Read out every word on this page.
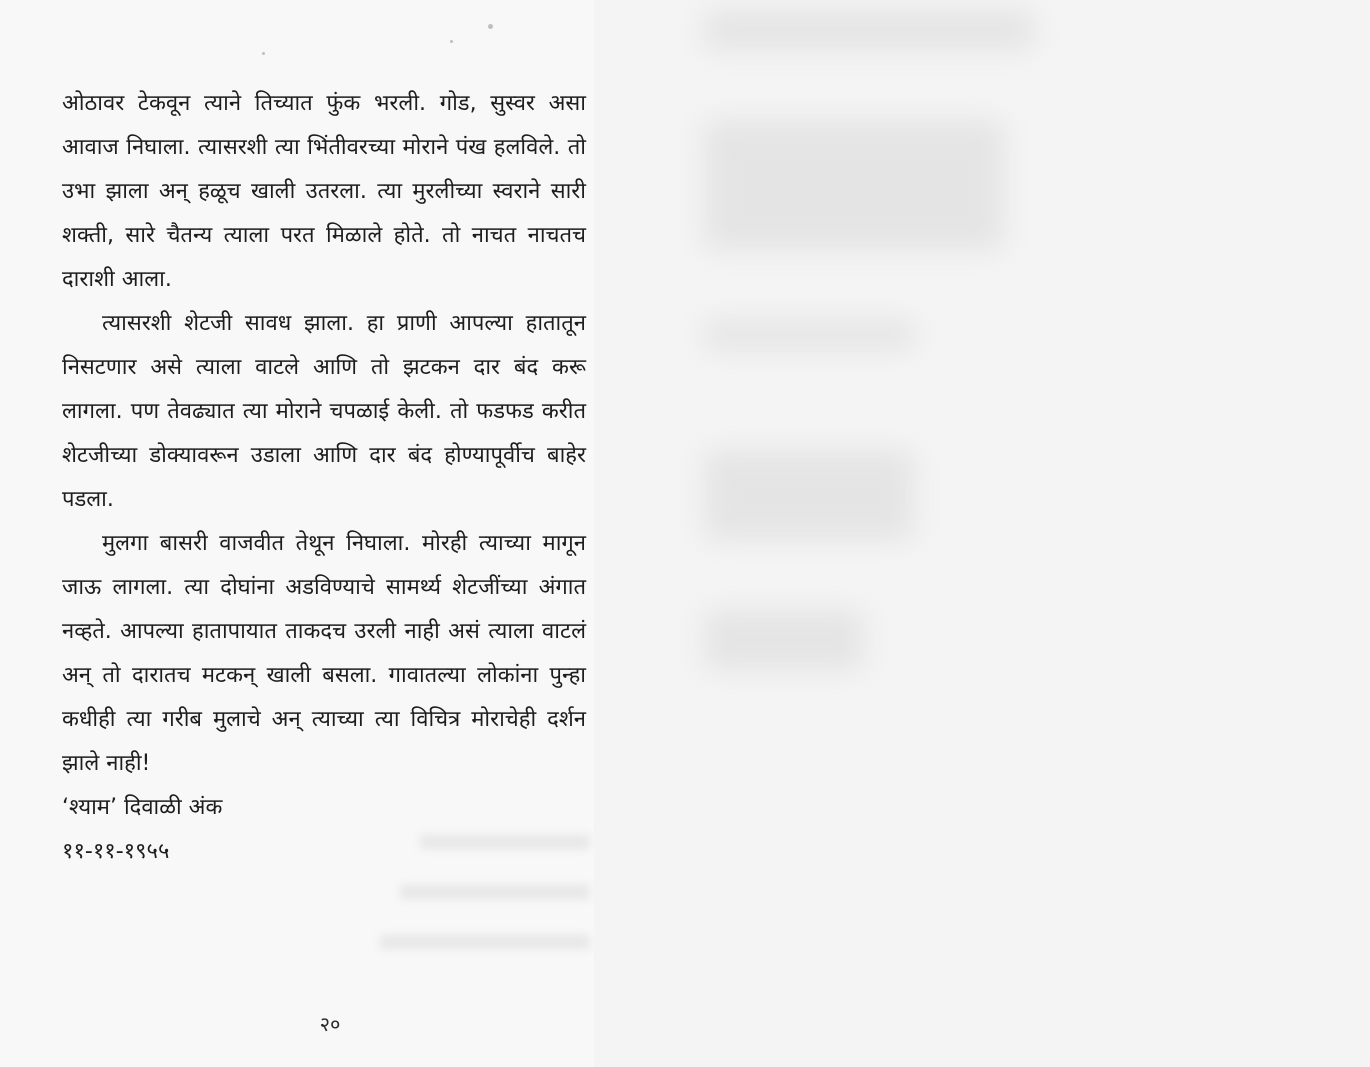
ओठावर टेकवून त्याने तिच्यात फुंक भरली. गोड, सुस्वर असा आवाज निघाला. त्यासरशी त्या भिंतीवरच्या मोराने पंख हलविले. तो उभा झाला अन् हळूच खाली उतरला. त्या मुरलीच्या स्वराने सारी शक्ती, सारे चैतन्य त्याला परत मिळाले होते. तो नाचत नाचतच दाराशी आला.

त्यासरशी शेटजी सावध झाला. हा प्राणी आपल्या हातातून निसटणार असे त्याला वाटले आणि तो झटकन दार बंद करू लागला. पण तेवढ्यात त्या मोराने चपळाई केली. तो फडफड करीत शेटजीच्या डोक्यावरून उडाला आणि दार बंद होण्यापूर्वीच बाहेर पडला.

मुलगा बासरी वाजवीत तेथून निघाला. मोरही त्याच्या मागून जाऊ लागला. त्या दोघांना अडविण्याचे सामर्थ्य शेटजींच्या अंगात नव्हते. आपल्या हातापायात ताकदच उरली नाही असं त्याला वाटलं अन् तो दारातच मटकन् खाली बसला. गावातल्या लोकांना पुन्हा कधीही त्या गरीब मुलाचे अन् त्याच्या त्या विचित्र मोराचेही दर्शन झाले नाही!

‘श्याम’ दिवाळी अंक
११-११-१९५५
२०
